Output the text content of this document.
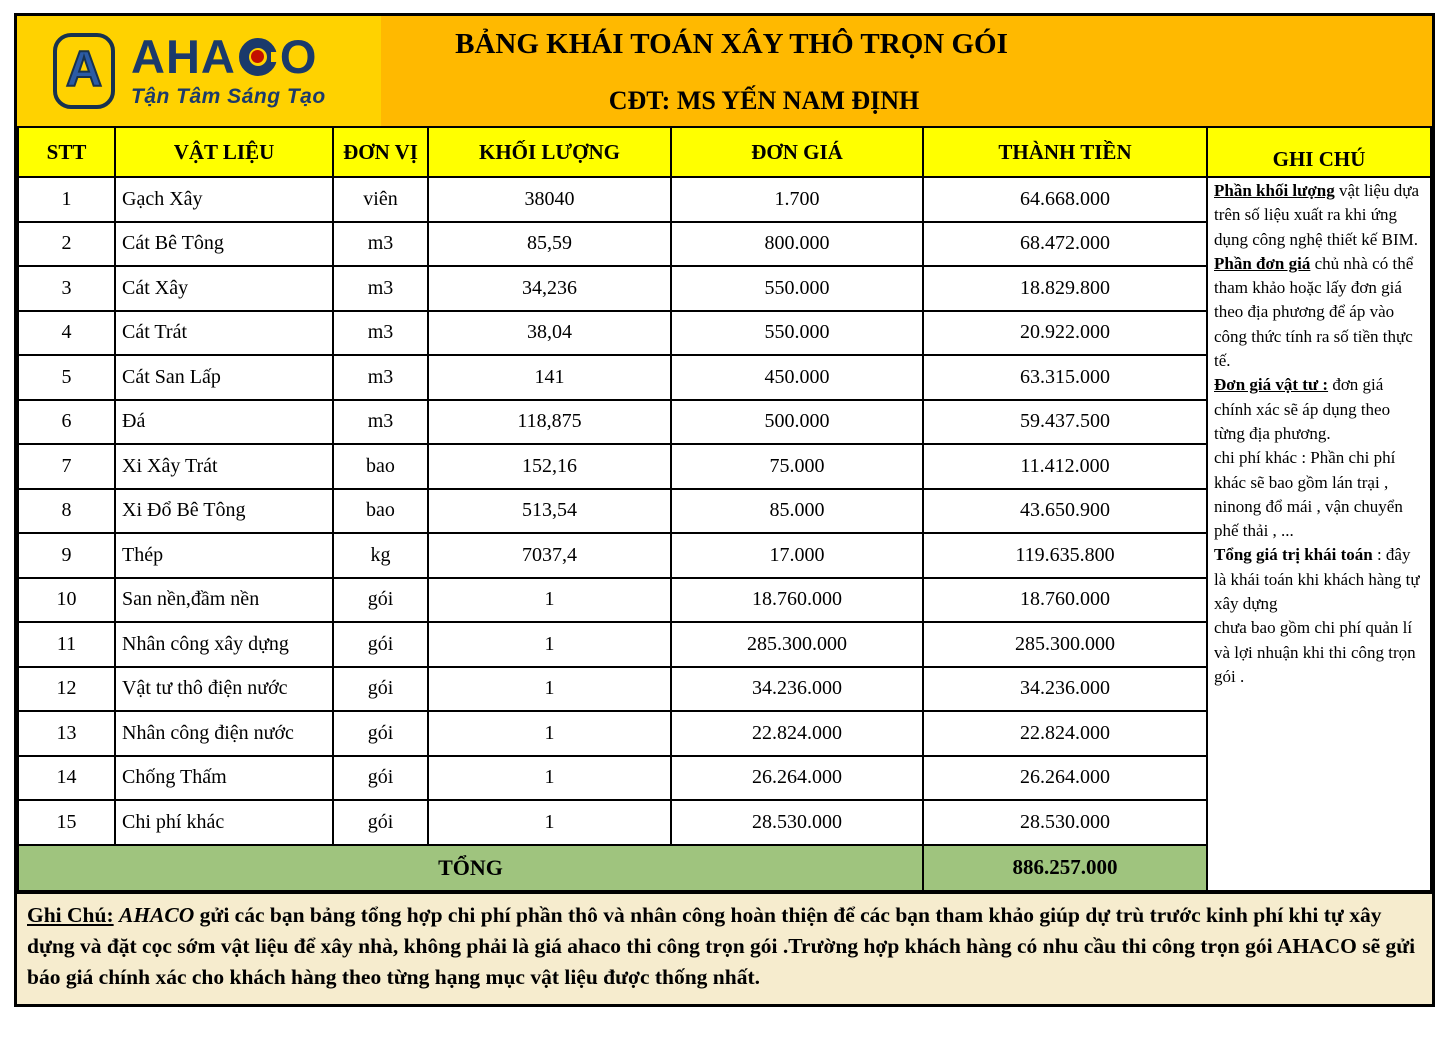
A A H A O
Tận Tâm Sáng Tạo
BẢNG KHÁI TOÁN XÂY THÔ TRỌN GÓI
CĐT: MS YẾN NAM ĐỊNH
STT	VẬT LIỆU	ĐƠN VỊ	KHỐI LƯỢNG	ĐƠN GIÁ	THÀNH TIỀN	GHI CHÚ
1	Gạch Xây	viên	38040	1.700	64.668.000	Phần khối lượng vật liệu dựa trên số liệu xuất ra khi ứng dụng công nghệ thiết kế BIM.
Phần đơn giá chủ nhà có thể tham khảo hoặc lấy đơn giá theo địa phương để áp vào công thức tính ra số tiền thực tế.
Đơn giá vật tư : đơn giá chính xác sẽ áp dụng theo từng địa phương.
chi phí khác : Phần chi phí khác sẽ bao gồm lán trại , ninong đổ mái , vận chuyển phế thải , ...
Tổng giá trị khái toán : đây là khái toán khi khách hàng tự xây dựng
chưa bao gồm chi phí quản lí và lợi nhuận khi thi công trọn gói .

2	Cát Bê Tông	m3	85,59	800.000	68.472.000	
3	Cát Xây	m3	34,236	550.000	18.829.800	
4	Cát Trát	m3	38,04	550.000	20.922.000	
5	Cát San Lấp	m3	141	450.000	63.315.000	
6	Đá	m3	118,875	500.000	59.437.500	
7	Xi Xây Trát	bao	152,16	75.000	11.412.000	
8	Xi Đổ Bê Tông	bao	513,54	85.000	43.650.900	
9	Thép	kg	7037,4	17.000	119.635.800	
10	San nền,đầm nền	gói	1	18.760.000	18.760.000	
11	Nhân công xây dựng	gói	1	285.300.000	285.300.000	
12	Vật tư thô điện nước	gói	1	34.236.000	34.236.000	
13	Nhân công điện nước	gói	1	22.824.000	22.824.000	
14	Chống Thấm	gói	1	26.264.000	26.264.000	
15	Chi phí khác	gói	1	28.530.000	28.530.000	
TỔNG					886.257.000	
Ghi Chú: AHACO gửi các bạn bảng tổng hợp chi phí phần thô và nhân công hoàn thiện để các bạn tham khảo giúp dự trù trước kinh phí khi tự xây dựng và đặt cọc sớm vật liệu để xây nhà, không phải là giá ahaco thi công trọn gói .Trường hợp khách hàng có nhu cầu thi công trọn gói AHACO sẽ gửi báo giá chính xác cho khách hàng theo từng hạng mục vật liệu được thống nhất.
